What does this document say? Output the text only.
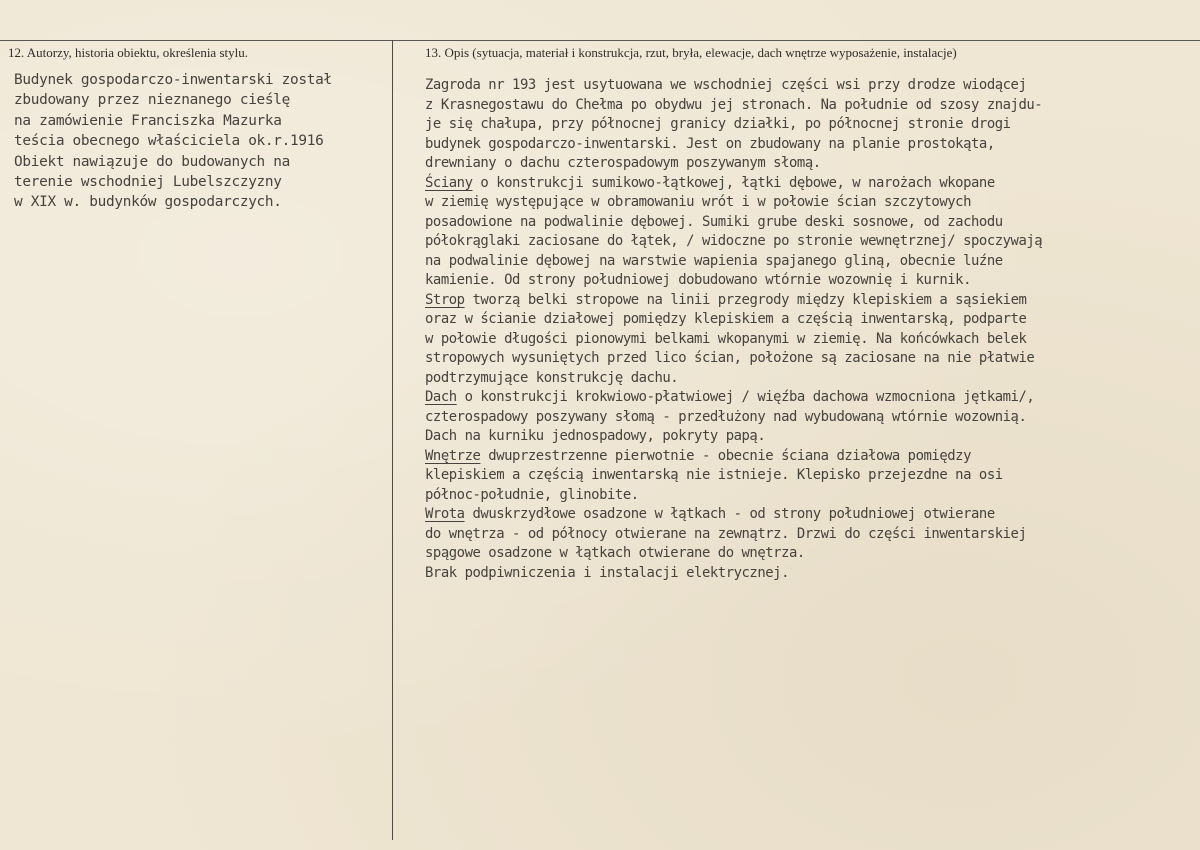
12. Autorzy, historia obiektu, określenia stylu.	13. Opis (sytuacja, materiał i konstrukcja, rzut, bryła, elewacje, dach wnętrze wyposażenie, instalacje)
Budynek gospodarczo-inwentarski został
zbudowany przez nieznanego cieślę
na zamówienie Franciszka Mazurka
teścia obecnego właściciela ok.r.1916
Obiekt nawiązuje do budowanych na
terenie wschodniej Lubelszczyzny
w XIX w. budynków gospodarczych.
Zagroda nr 193 jest usytuowana we wschodniej części wsi przy drodze wiodącej
z Krasnegostawu do Chełma po obydwu jej stronach. Na południe od szosy znajdu-
je się chałupa, przy północnej granicy działki, po północnej stronie drogi
budynek gospodarczo-inwentarski. Jest on zbudowany na planie prostokąta,
drewniany o dachu czterospadowym poszywanym słomą.
Ściany o konstrukcji sumikowo-łątkowej, łątki dębowe, w narożach wkopane
w ziemię występujące w obramowaniu wrót i w połowie ścian szczytowych
posadowione na podwalinie dębowej. Sumiki grube deski sosnowe, od zachodu
półokrąglaki zaciosane do łątek, / widoczne po stronie wewnętrznej/ spoczywają
na podwalinie dębowej na warstwie wapienia spajanego gliną, obecnie luźne
kamienie. Od strony południowej dobudowano wtórnie wozownię i kurnik.
Strop tworzą belki stropowe na linii przegrody między klepiskiem a sąsiekiem
oraz w ścianie działowej pomiędzy klepiskiem a częścią inwentarską, podparte
w połowie długości pionowymi belkami wkopanymi w ziemię. Na końcówkach belek
stropowych wysuniętych przed lico ścian, położone są zaciosane na nie płatwie
podtrzymujące konstrukcję dachu.
Dach o konstrukcji krokwiowo-płatwiowej / więźba dachowa wzmocniona jętkami/,
czterospadowy poszywany słomą - przedłużony nad wybudowaną wtórnie wozownią.
Dach na kurniku jednospadowy, pokryty papą.
Wnętrze dwuprzestrzenne pierwotnie - obecnie ściana działowa pomiędzy
klepiskiem a częścią inwentarską nie istnieje. Klepisko przejezdne na osi
północ-południe, glinobite.
Wrota dwuskrzydłowe osadzone w łątkach - od strony południowej otwierane
do wnętrza - od północy otwierane na zewnątrz. Drzwi do części inwentarskiej
spągowe osadzone w łątkach otwierane do wnętrza.
Brak podpiwniczenia i instalacji elektrycznej.
